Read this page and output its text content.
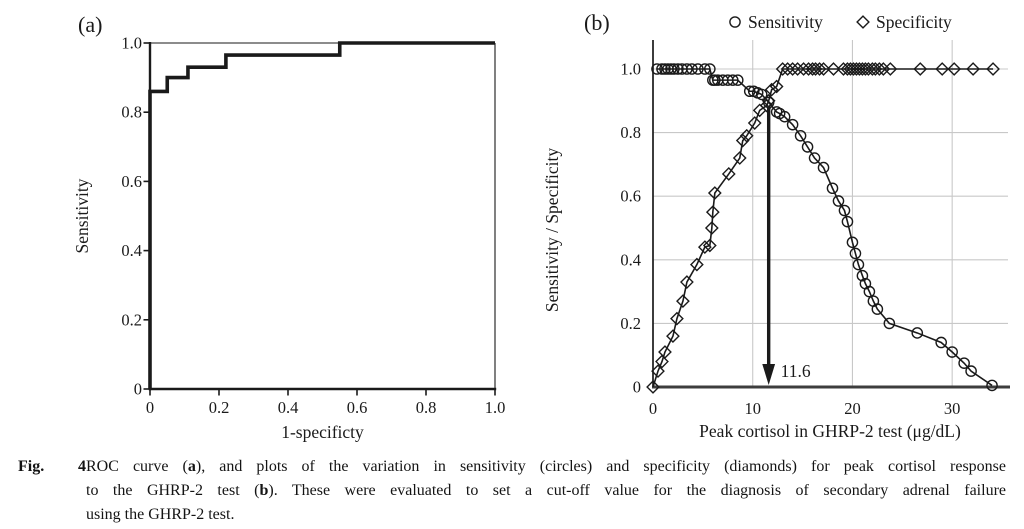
0	0.2	0.4	0.6	0.8	1.0
0
0.2
0.4
0.6
0.8
1.0
(a)
1-specificty
Sensitivity
11.6
0	10	20	30
0
0.2
0.4
0.6
0.8
1.0
Peak cortisol in GHRP-2 test (μg/dL)
Sensitivity / Specificity
(b)	Sensitivity	Specificity
Fig. 4ROC curve (a), and plots of the variation in sensitivity (circles) and specificity (diamonds) for peak cortisol response
to the GHRP-2 test (b). These were evaluated to set a cut-off value for the diagnosis of secondary adrenal failure
using the GHRP-2 test.
